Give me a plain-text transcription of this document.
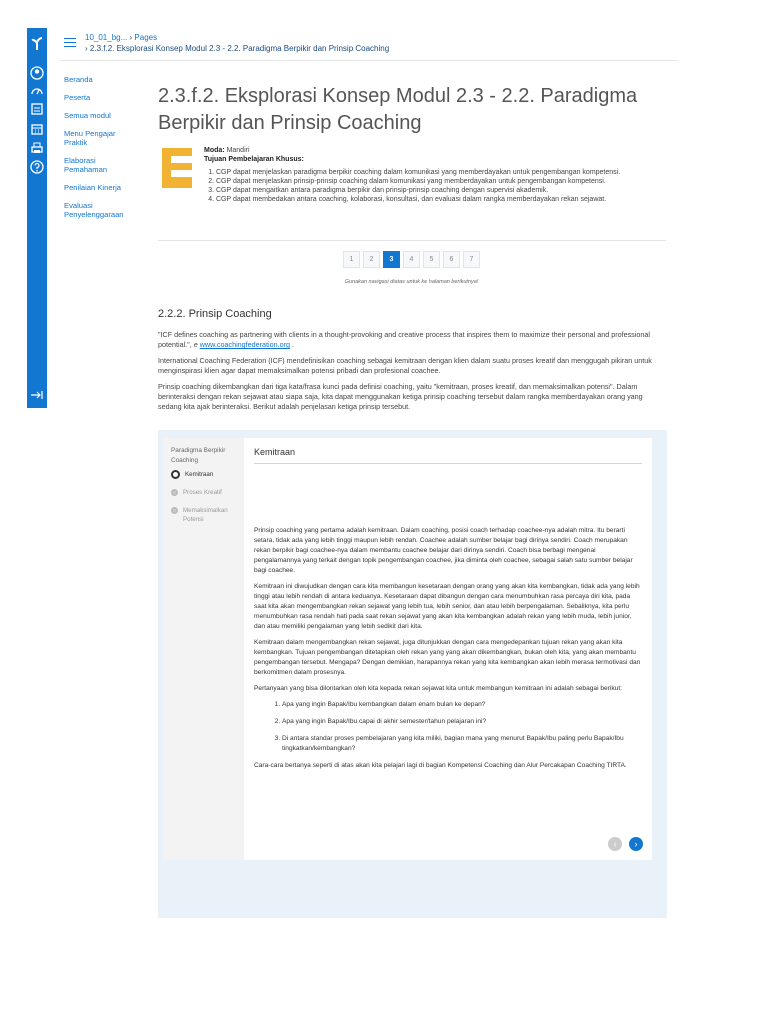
10_01_bg... › Pages
› 2.3.f.2. Eksplorasi Konsep Modul 2.3 - 2.2. Paradigma Berpikir dan Prinsip Coaching
Beranda
Peserta
Semua modul
Menu Pengajar Praktik
Elaborasi Pemahaman
Penilaian Kinerja
Evaluasi Penyelenggaraan
2.3.f.2. Eksplorasi Konsep Modul 2.3 - 2.2. Paradigma Berpikir dan Prinsip Coaching
Moda: Mandiri
Tujuan Pembelajaran Khusus:
1. CGP dapat menjelaskan paradigma berpikir coaching dalam komunikasi yang memberdayakan untuk pengembangan kompetensi.
2. CGP dapat menjelaskan prinsip-prinsip coaching dalam komunikasi yang memberdayakan untuk pengembangan kompetensi.
3. CGP dapat mengaitkan antara paradigma berpikir dan prinsip-prinsip coaching dengan supervisi akademik.
4. CGP dapat membedakan antara coaching, kolaborasi, konsultasi, dan evaluasi dalam rangka memberdayakan rekan sejawat.
1	2	3	4	5	6	7
Gunakan navigasi diatas untuk ke halaman berikutnya!
2.2.2. Prinsip Coaching

"ICF defines coaching as partnering with clients in a thought-provoking and creative process that inspires them to maximize their personal and professional potential.", e www.coachingfederation.org .

International Coaching Federation (ICF) mendefinisikan coaching sebagai kemitraan dengan klien dalam suatu proses kreatif dan menggugah pikiran untuk menginspirasi klien agar dapat memaksimalkan potensi pribadi dan profesional coachee.

Prinsip coaching dikembangkan dari tiga kata/frasa kunci pada definisi coaching, yaitu "kemitraan, proses kreatif, dan memaksimalkan potensi". Dalam berinteraksi dengan rekan sejawat atau siapa saja, kita dapat menggunakan ketiga prinsip coaching tersebut dalam rangka memberdayakan orang yang sedang kita ajak berinteraksi. Berikut adalah penjelasan ketiga prinsip tersebut.

Paradigma Berpikir Coaching
Kemitraan
Proses Kreatif
Memaksimalkan Potensi
Kemitraan

Prinsip coaching yang pertama adalah kemitraan. Dalam coaching, posisi coach terhadap coachee-nya adalah mitra. Itu berarti setara, tidak ada yang lebih tinggi maupun lebih rendah. Coachee adalah sumber belajar bagi dirinya sendiri. Coach merupakan rekan berpikir bagi coachee-nya dalam membantu coachee belajar dari dirinya sendiri. Coach bisa berbagi mengenai pengalamannya yang terkait dengan topik pengembangan coachee, jika diminta oleh coachee, sebagai salah satu sumber belajar bagi coachee.

Kemitraan ini diwujudkan dengan cara kita membangun kesetaraan dengan orang yang akan kita kembangkan, tidak ada yang lebih tinggi atau lebih rendah di antara keduanya. Kesetaraan dapat dibangun dengan cara menumbuhkan rasa percaya diri kita, pada saat kita akan mengembangkan rekan sejawat yang lebih tua, lebih senior, dan atau lebih berpengalaman. Sebaliknya, kita perlu menumbuhkan rasa rendah hati pada saat rekan sejawat yang akan kita kembangkan adalah rekan yang lebih muda, lebih junior, dan atau memiliki pengalaman yang lebih sedikit dari kita.

Kemitraan dalam mengembangkan rekan sejawat, juga ditunjukkan dengan cara mengedepankan tujuan rekan yang akan kita kembangkan. Tujuan pengembangan ditetapkan oleh rekan yang yang akan dikembangkan, bukan oleh kita, yang akan membantu pengembangan tersebut. Mengapa? Dengan demikian, harapannya rekan yang kita kembangkan akan lebih merasa termotivasi dan berkomitmen dalam prosesnya.

Pertanyaan yang bisa dilontarkan oleh kita kepada rekan sejawat kita untuk membangun kemitraan ini adalah sebagai berikut:

1. Apa yang ingin Bapak/Ibu kembangkan dalam enam bulan ke depan?
2. Apa yang ingin Bapak/Ibu capai di akhir semester/tahun pelajaran ini?
3. Di antara standar proses pembelajaran yang kita miliki, bagian mana yang menurut Bapak/Ibu paling perlu Bapak/Ibu tingkatkan/kembangkan?

Cara-cara bertanya seperti di atas akan kita pelajari lagi di bagian Kompetensi Coaching dan Alur Percakapan Coaching TIRTA.

‹	›
